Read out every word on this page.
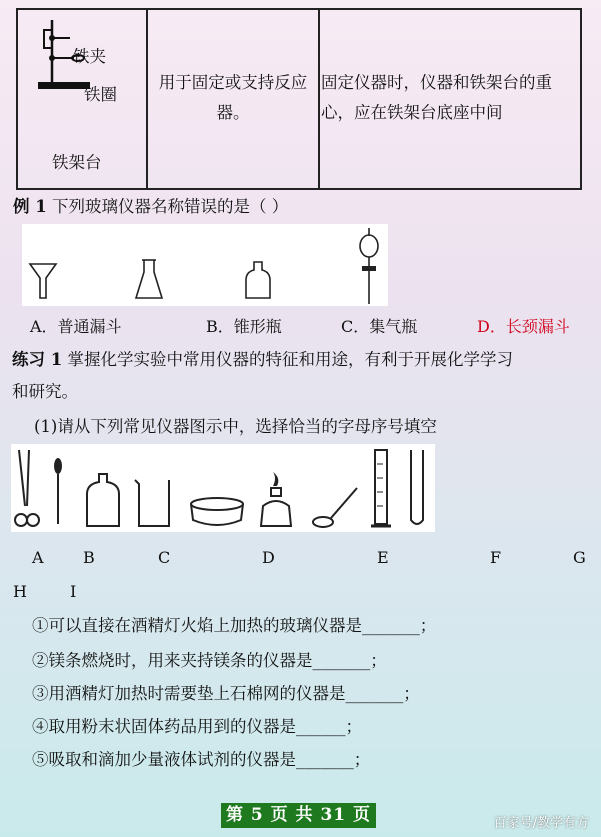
铁夹
铁圈
铁架台
用于固定或支持反应器。
固定仪器时，仪器和铁架台的重心，应在铁架台底座中间
例 1 下列玻璃仪器名称错误的是（ ）
A．普通漏斗	B．锥形瓶	C．集气瓶	D．长颈漏斗
练习 1 掌握化学实验中常用仪器的特征和用途，有利于开展化学学习
和研究。
(1)请从下列常见仪器图示中，选择恰当的字母序号填空
A B	C	D	E	F	G
H	I
①可以直接在酒精灯火焰上加热的玻璃仪器是_______；
②镁条燃烧时，用来夹持镁条的仪器是_______；
③用酒精灯加热时需要垫上石棉网的仪器是_______；
④取用粉末状固体药品用到的仪器是______；
⑤吸取和滴加少量液体试剂的仪器是_______；
第 5 页 共 31 页	百家号/教学有方
